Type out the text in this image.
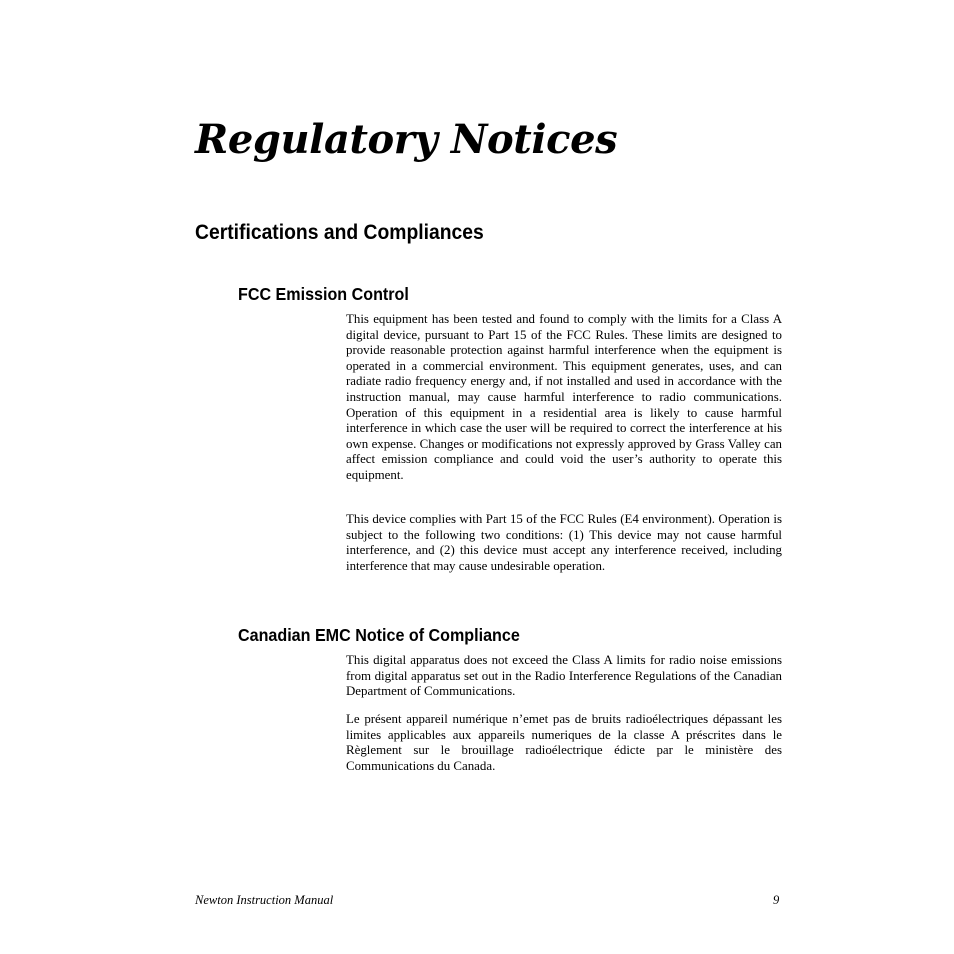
Regulatory Notices
Certifications and Compliances
FCC Emission Control

This equipment has been tested and found to comply with the limits for a Class A digital device, pursuant to Part 15 of the FCC Rules. These limits are designed to provide reasonable protection against harmful interference when the equipment is operated in a commercial environment. This equipment generates, uses, and can radiate radio frequency energy and, if not installed and used in accordance with the instruction manual, may cause harmful interference to radio communications. Operation of this equipment in a residential area is likely to cause harmful interference in which case the user will be required to correct the interference at his own expense. Changes or modifications not expressly approved by Grass Valley can affect emission compliance and could void the user’s authority to operate this equipment.

This device complies with Part 15 of the FCC Rules (E4 environment). Operation is subject to the following two conditions: (1) This device may not cause harmful interference, and (2) this device must accept any interference received, including interference that may cause undesirable operation.

Canadian EMC Notice of Compliance

This digital apparatus does not exceed the Class A limits for radio noise emissions from digital apparatus set out in the Radio Interference Regulations of the Canadian Department of Communications.

Le présent appareil numérique n’emet pas de bruits radioélectriques dépassant les limites applicables aux appareils numeriques de la classe A préscrites dans le Règlement sur le brouillage radioélectrique édicte par le ministère des Communications du Canada.

Newton Instruction Manual	9
